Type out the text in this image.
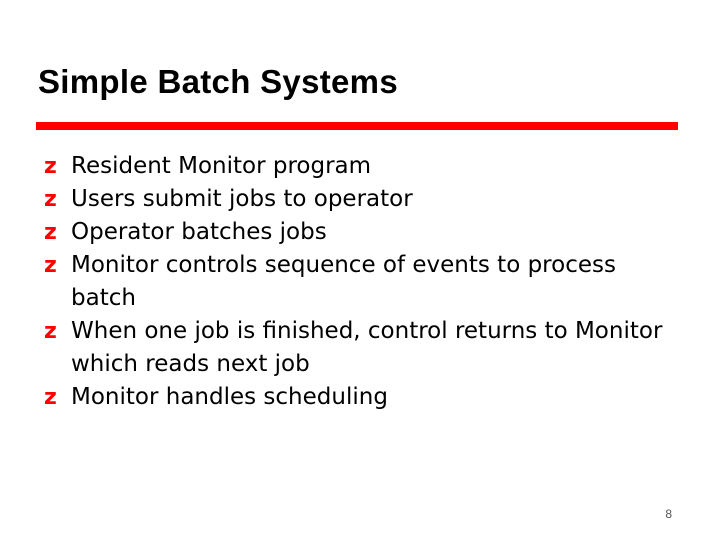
Simple Batch Systems
z Resident Monitor program
z Users submit jobs to operator
z Operator batches jobs
z Monitor controls sequence of events to process batch
z When one job is finished, control returns to Monitor which reads next job
z Monitor handles scheduling
8
